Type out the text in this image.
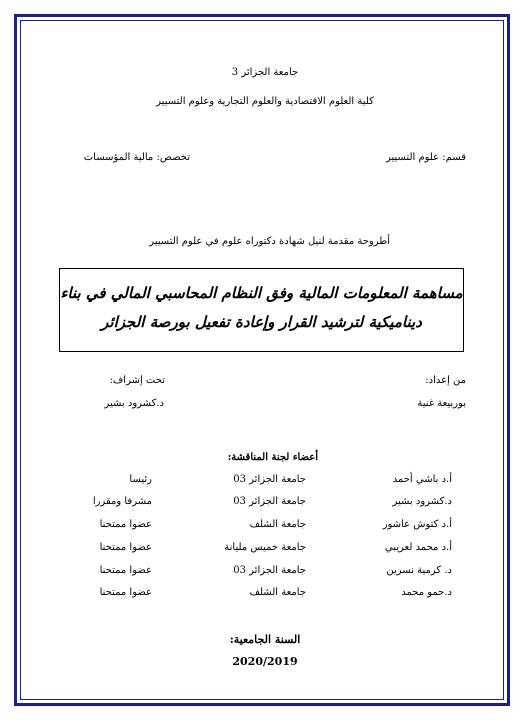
جامعة الجزائر 3
كلية العلوم الاقتصادية والعلوم التجارية وعلوم التسيير
قسم: علوم التسيير
تخصص: مالية المؤسسات
أطروحة مقدمة لنيل شهادة دكتوراه علوم في علوم التسيير
مساهمة المعلومات المالية وفق النظام المحاسبي المالي في بناء
ديناميكية لترشيد القرار وإعادة تفعيل بورصة الجزائر
من إعداد:
بوربيعة غنية
تحت إشراف:
د.كشرود بشير
أعضاء لجنة المناقشة:
أ.د باشي أحمد
جامعة الجزائر 03
رئيسا
د.كشرود بشير
جامعة الجزائر 03
مشرفا ومقررا
أ.د كتوش عاشور
جامعة الشلف
عضوا ممتحنا
أ.د محمد لعريبي
جامعة خميس مليانة
عضوا ممتحنا
د. كرمية نسرين
جامعة الجزائر 03
عضوا ممتحنا
د.حمو محمد
جامعة الشلف
عضوا ممتحنا
السنة الجامعية:
2020/2019
